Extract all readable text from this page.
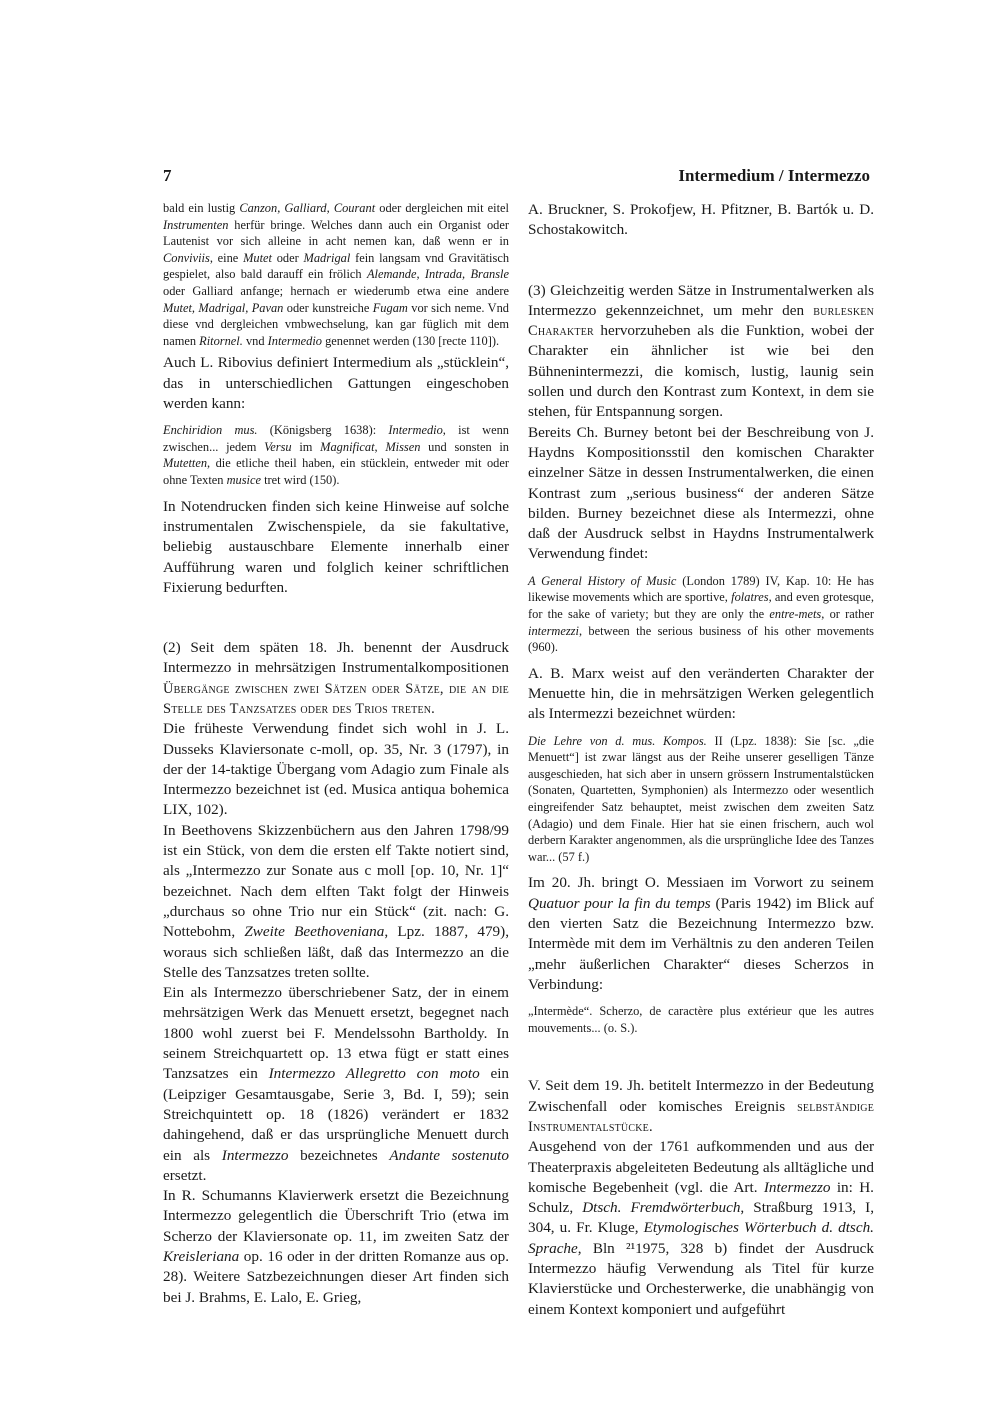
7	Intermedium / Intermezzo

bald ein lustig Canzon, Galliard, Courant oder dergleichen mit eitel Instrumenten herfür bringe. Welches dann auch ein Organist oder Lautenist vor sich alleine in acht nemen kan, daß wenn er in Conviviis, eine Mutet oder Madrigal fein langsam vnd Gravitätisch gespielet, also bald darauff ein frölich Alemande, Intrada, Bransle oder Galliard anfange; hernach er wiederumb etwa eine andere Mutet, Madrigal, Pavan oder kunstreiche Fugam vor sich neme. Vnd diese vnd dergleichen vmbwechselung, kan gar füglich mit dem namen Ritornel. vnd Intermedio genennet werden (130 [recte 110]).

Auch L. Ribovius definiert Intermedium als „stücklein“, das in unterschiedlichen Gattungen eingeschoben werden kann:

Enchiridion mus. (Königsberg 1638): Intermedio, ist wenn zwischen... jedem Versu im Magnificat, Missen und sonsten in Mutetten, die etliche theil haben, ein stücklein, entweder mit oder ohne Texten musice tret wird (150).

In Notendrucken finden sich keine Hinweise auf solche instrumentalen Zwischenspiele, da sie fakultative, beliebig austauschbare Elemente innerhalb einer Aufführung waren und folglich keiner schriftlichen Fixierung bedurften.

(2) Seit dem späten 18. Jh. benennt der Ausdruck Intermezzo in mehrsätzigen Instrumentalkompositionen Übergänge zwischen zwei Sätzen oder Sätze, die an die Stelle des Tanzsatzes oder des Trios treten.

Die früheste Verwendung findet sich wohl in J. L. Dusseks Klaviersonate c-moll, op. 35, Nr. 3 (1797), in der der 14-taktige Übergang vom Adagio zum Finale als Intermezzo bezeichnet ist (ed. Musica antiqua bohemica LIX, 102).

In Beethovens Skizzenbüchern aus den Jahren 1798/99 ist ein Stück, von dem die ersten elf Takte notiert sind, als „Intermezzo zur Sonate aus c moll [op. 10, Nr. 1]“ bezeichnet. Nach dem elften Takt folgt der Hinweis „durchaus so ohne Trio nur ein Stück“ (zit. nach: G. Nottebohm, Zweite Beethoveniana, Lpz. 1887, 479), woraus sich schließen läßt, daß das Intermezzo an die Stelle des Tanzsatzes treten sollte.

Ein als Intermezzo überschriebener Satz, der in einem mehrsätzigen Werk das Menuett ersetzt, begegnet nach 1800 wohl zuerst bei F. Mendelssohn Bartholdy. In seinem Streichquartett op. 13 etwa fügt er statt eines Tanzsatzes ein Intermezzo Allegretto con moto ein (Leipziger Gesamtausgabe, Serie 3, Bd. I, 59); sein Streichquintett op. 18 (1826) verändert er 1832 dahingehend, daß er das ursprüngliche Menuett durch ein als Intermezzo bezeichnetes Andante sostenuto ersetzt.

In R. Schumanns Klavierwerk ersetzt die Bezeichnung Intermezzo gelegentlich die Überschrift Trio (etwa im Scherzo der Klaviersonate op. 11, im zweiten Satz der Kreisleriana op. 16 oder in der dritten Romanze aus op. 28). Weitere Satzbezeichnungen dieser Art finden sich bei J. Brahms, E. Lalo, E. Grieg,

A. Bruckner, S. Prokofjew, H. Pfitzner, B. Bartók u. D. Schostakowitch.

(3) Gleichzeitig werden Sätze in Instrumentalwerken als Intermezzo gekennzeichnet, um mehr den burlesken Charakter hervorzuheben als die Funktion, wobei der Charakter ein ähnlicher ist wie bei den Bühnenintermezzi, die komisch, lustig, launig sein sollen und durch den Kontrast zum Kontext, in dem sie stehen, für Entspannung sorgen.

Bereits Ch. Burney betont bei der Beschreibung von J. Haydns Kompositionsstil den komischen Charakter einzelner Sätze in dessen Instrumentalwerken, die einen Kontrast zum „serious business“ der anderen Sätze bilden. Burney bezeichnet diese als Intermezzi, ohne daß der Ausdruck selbst in Haydns Instrumentalwerk Verwendung findet:

A General History of Music (London 1789) IV, Kap. 10: He has likewise movements which are sportive, folatres, and even grotesque, for the sake of variety; but they are only the entre-mets, or rather intermezzi, between the serious business of his other movements (960).

A. B. Marx weist auf den veränderten Charakter der Menuette hin, die in mehrsätzigen Werken gelegentlich als Intermezzi bezeichnet würden:

Die Lehre von d. mus. Kompos. II (Lpz. 1838): Sie [sc. „die Menuett“] ist zwar längst aus der Reihe unserer geselligen Tänze ausgeschieden, hat sich aber in unsern grössern Instrumentalstücken (Sonaten, Quartetten, Symphonien) als Intermezzo oder wesentlich eingreifender Satz behauptet, meist zwischen dem zweiten Satz (Adagio) und dem Finale. Hier hat sie einen frischern, auch wol derbern Karakter angenommen, als die ursprüngliche Idee des Tanzes war... (57 f.)

Im 20. Jh. bringt O. Messiaen im Vorwort zu seinem Quatuor pour la fin du temps (Paris 1942) im Blick auf den vierten Satz die Bezeichnung Intermezzo bzw. Intermède mit dem im Verhältnis zu den anderen Teilen „mehr äußerlichen Charakter“ dieses Scherzos in Verbindung:

„Intermède“. Scherzo, de caractère plus extérieur que les autres mouvements... (o. S.).

V. Seit dem 19. Jh. betitelt Intermezzo in der Bedeutung Zwischenfall oder komisches Ereignis selbständige Instrumentalstücke.

Ausgehend von der 1761 aufkommenden und aus der Theaterpraxis abgeleiteten Bedeutung als alltägliche und komische Begebenheit (vgl. die Art. Intermezzo in: H. Schulz, Dtsch. Fremdwörterbuch, Straßburg 1913, I, 304, u. Fr. Kluge, Etymologisches Wörterbuch d. dtsch. Sprache, Bln ²¹1975, 328 b) findet der Ausdruck Intermezzo häufig Verwendung als Titel für kurze Klavierstücke und Orchesterwerke, die unabhängig von einem Kontext komponiert und aufgeführt
